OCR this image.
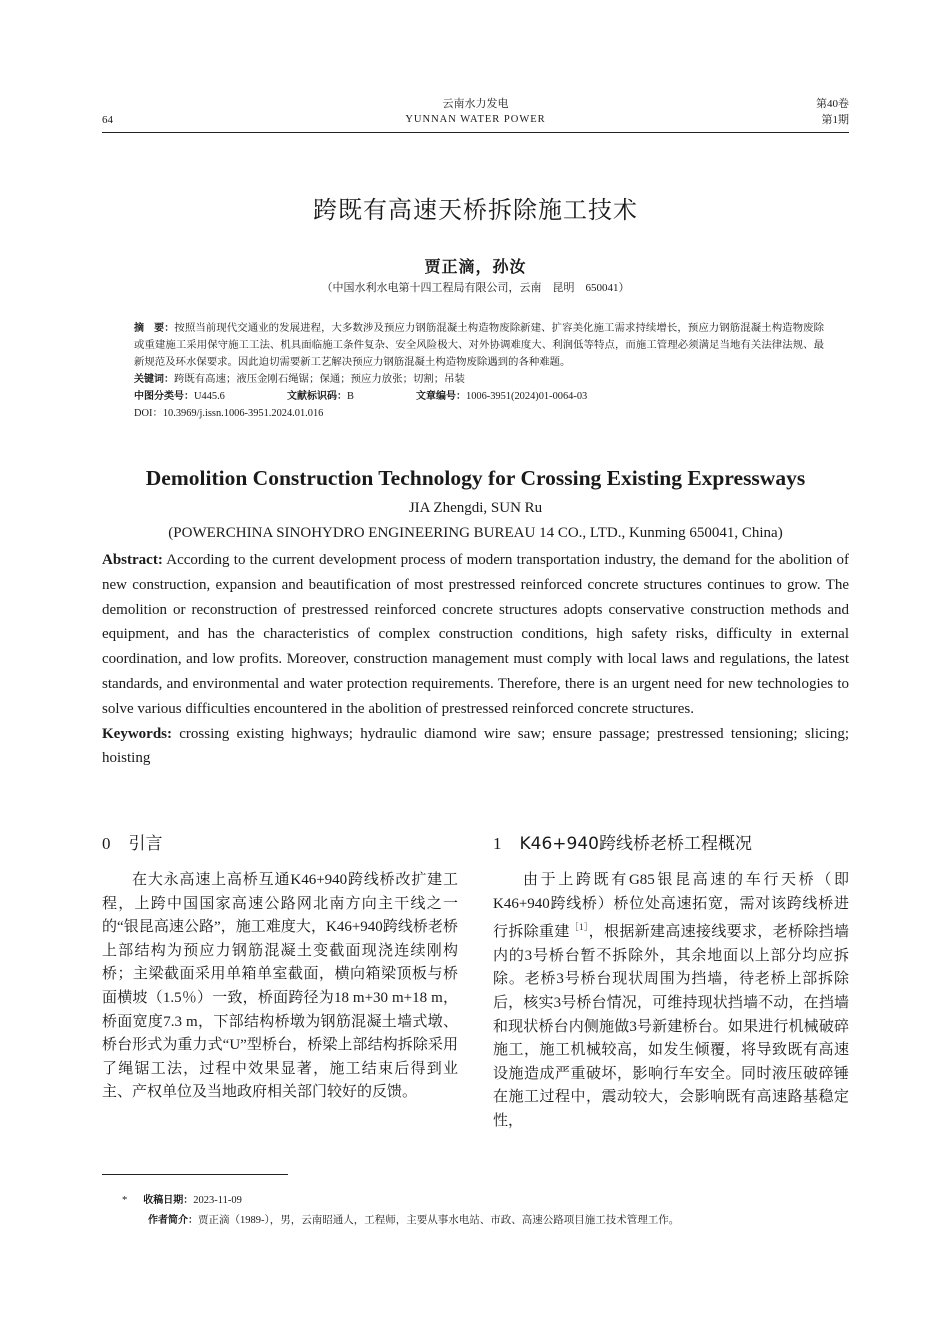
64
云南水力发电
YUNNAN WATER POWER
第40卷
第1期
跨既有高速天桥拆除施工技术
贾正滴，孙汝
（中国水利水电第十四工程局有限公司，云南　昆明　650041）
摘　要：按照当前现代交通业的发展进程，大多数涉及预应力钢筋混凝土构造物废除新建、扩容美化施工需求持续增长，预应力钢筋混凝土构造物废除或重建施工采用保守施工工法、机具面临施工条件复杂、安全风险极大、对外协调难度大、利润低等特点，而施工管理必须满足当地有关法律法规、最新规范及环水保要求。因此迫切需要新工艺解决预应力钢筋混凝土构造物废除遇到的各种难题。
关键词：跨既有高速；液压金刚石绳锯；保通；预应力放张；切割；吊装
中图分类号：U445.6	文献标识码：B	文章编号：1006-3951(2024)01-0064-03
DOI：10.3969/j.issn.1006-3951.2024.01.016
Demolition Construction Technology for Crossing Existing Expressways
JIA Zhengdi, SUN Ru
(POWERCHINA SINOHYDRO ENGINEERING BUREAU 14 CO., LTD., Kunming 650041, China)
Abstract: According to the current development process of modern transportation industry, the demand for the abolition of new construction, expansion and beautification of most prestressed reinforced concrete structures continues to grow. The demolition or reconstruction of prestressed reinforced concrete structures adopts conservative construction methods and equipment, and has the characteristics of complex construction conditions, high safety risks, difficulty in external coordination, and low profits. Moreover, construction management must comply with local laws and regulations, the latest standards, and environmental and water protection requirements. Therefore, there is an urgent need for new technologies to solve various difficulties encountered in the abolition of prestressed reinforced concrete structures.
Keywords: crossing existing highways; hydraulic diamond wire saw; ensure passage; prestressed tensioning; slicing; hoisting
0 引言

在大永高速上高桥互通K46+940跨线桥改扩建工程，上跨中国国家高速公路网北南方向主干线之一的“银昆高速公路”，施工难度大，K46+940跨线桥老桥上部结构为预应力钢筋混凝土变截面现浇连续刚构桥；主梁截面采用单箱单室截面，横向箱梁顶板与桥面横坡（1.5％）一致，桥面跨径为18 m+30 m+18 m，桥面宽度7.3 m，下部结构桥墩为钢筋混凝土墙式墩、桥台形式为重力式“U”型桥台，桥梁上部结构拆除采用了绳锯工法，过程中效果显著，施工结束后得到业主、产权单位及当地政府相关部门较好的反馈。

1 K46+940跨线桥老桥工程概况

由于上跨既有G85银昆高速的车行天桥（即K46+940跨线桥）桥位处高速拓宽，需对该跨线桥进行拆除重建$^{[1]}$，根据新建高速接线要求，老桥除挡墙内的3号桥台暂不拆除外，其余地面以上部分均应拆除。老桥3号桥台现状周围为挡墙，待老桥上部拆除后，核实3号桥台情况，可维持现状挡墙不动，在挡墙和现状桥台内侧施做3号新建桥台。如果进行机械破碎施工，施工机械较高，如发生倾覆，将导致既有高速设施造成严重破坏，影响行车安全。同时液压破碎锤在施工过程中，震动较大，会影响既有高速路基稳定性，

* 收稿日期：2023-11-09
作者简介：贾正滴（1989-），男，云南昭通人，工程师，主要从事水电站、市政、高速公路项目施工技术管理工作。
